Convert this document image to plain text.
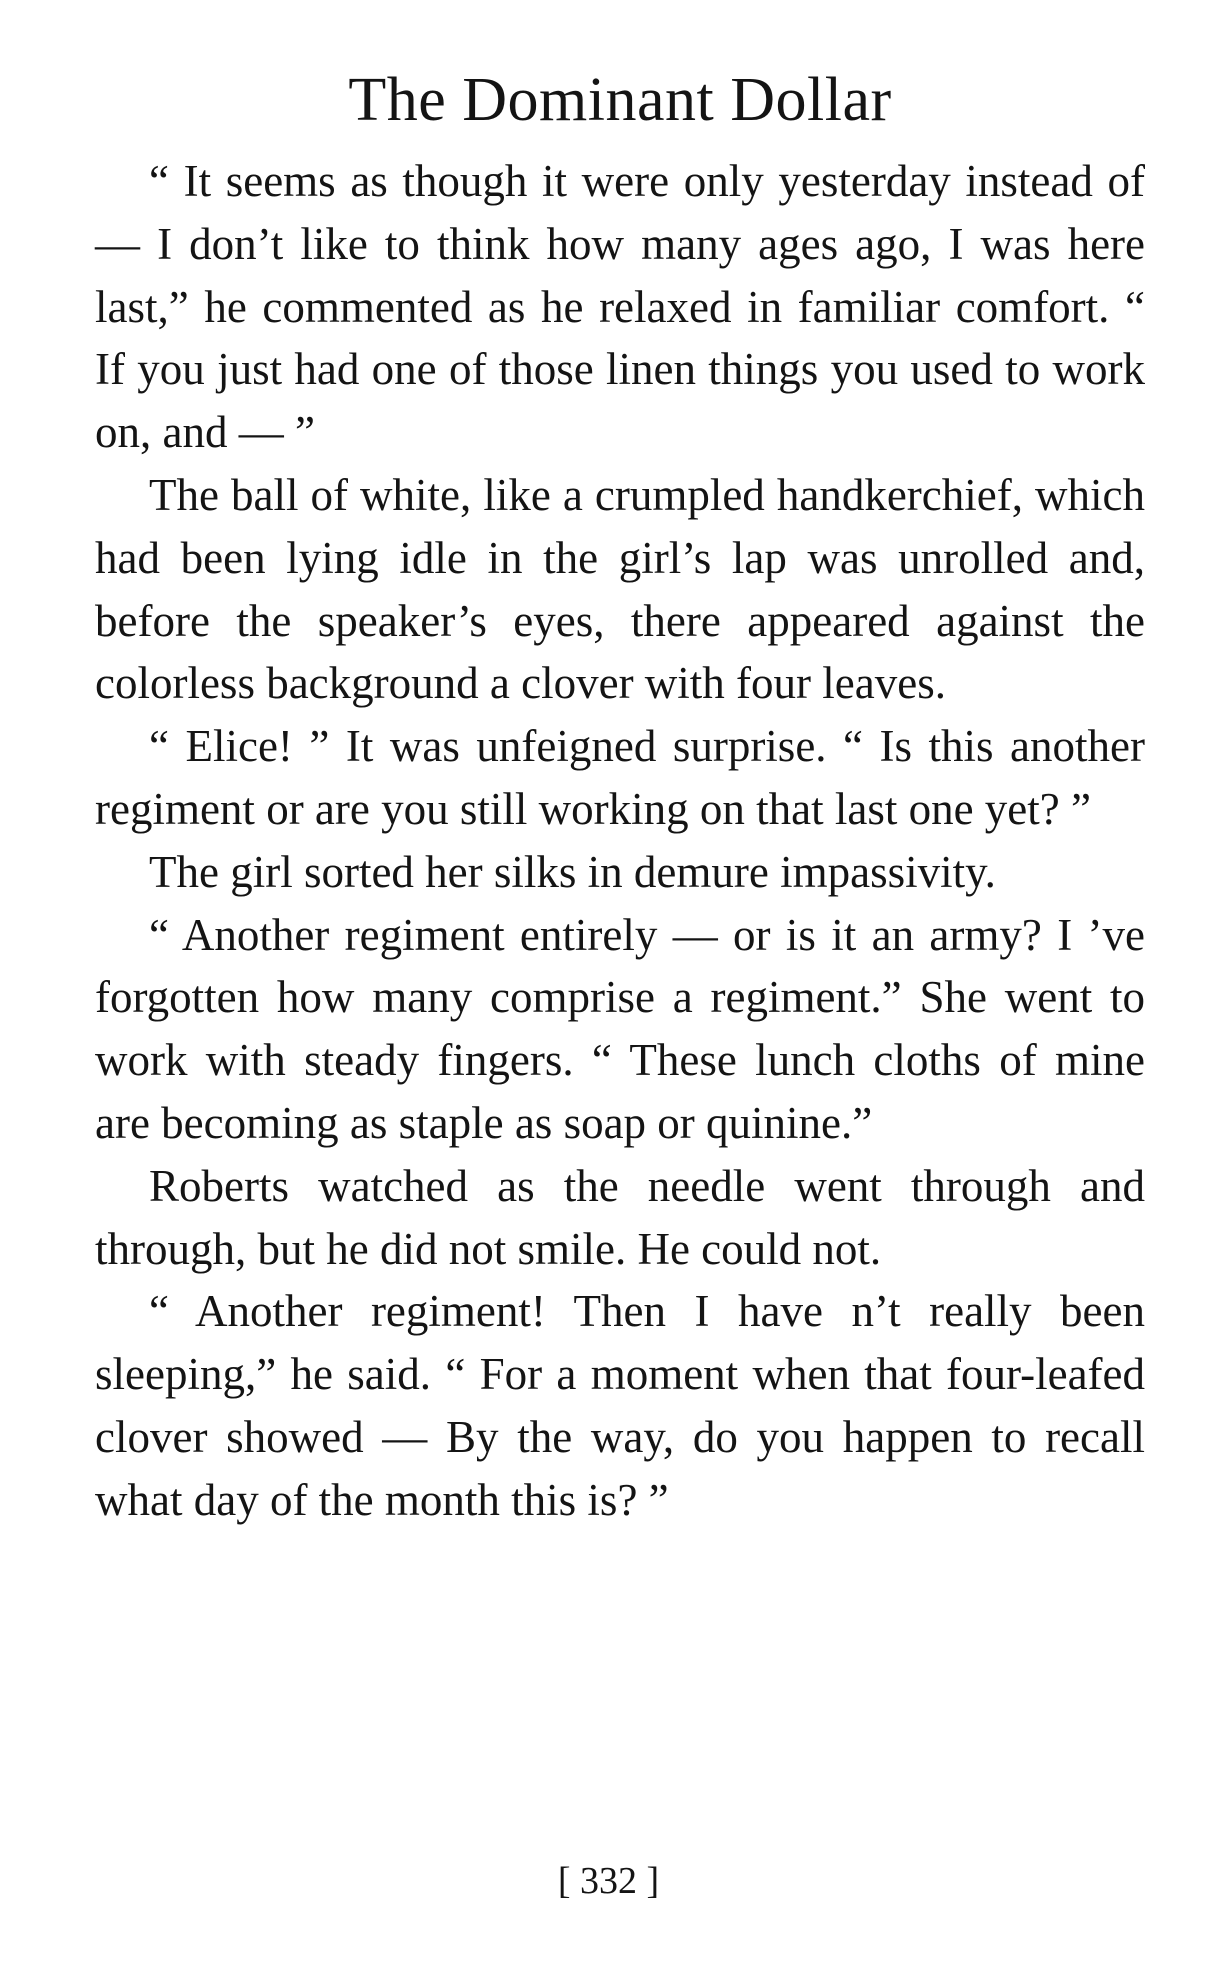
The Dominant Dollar

“ It seems as though it were only yesterday instead of — I don’t like to think how many ages ago, I was here last,” he commented as he relaxed in familiar comfort. “ If you just had one of those linen things you used to work on, and — ”

The ball of white, like a crumpled handkerchief, which had been lying idle in the girl’s lap was unrolled and, before the speaker’s eyes, there appeared against the colorless background a clover with four leaves.

“ Elice! ” It was unfeigned surprise. “ Is this another regiment or are you still working on that last one yet? ”

The girl sorted her silks in demure impassivity.

“ Another regiment entirely — or is it an army? I ’ve forgotten how many comprise a regiment.” She went to work with steady fingers. “ These lunch cloths of mine are becoming as staple as soap or quinine.”

Roberts watched as the needle went through and through, but he did not smile. He could not.

“ Another regiment! Then I have n’t really been sleeping,” he said. “ For a moment when that four-leafed clover showed — By the way, do you happen to recall what day of the month this is? ”

[ 332 ]
